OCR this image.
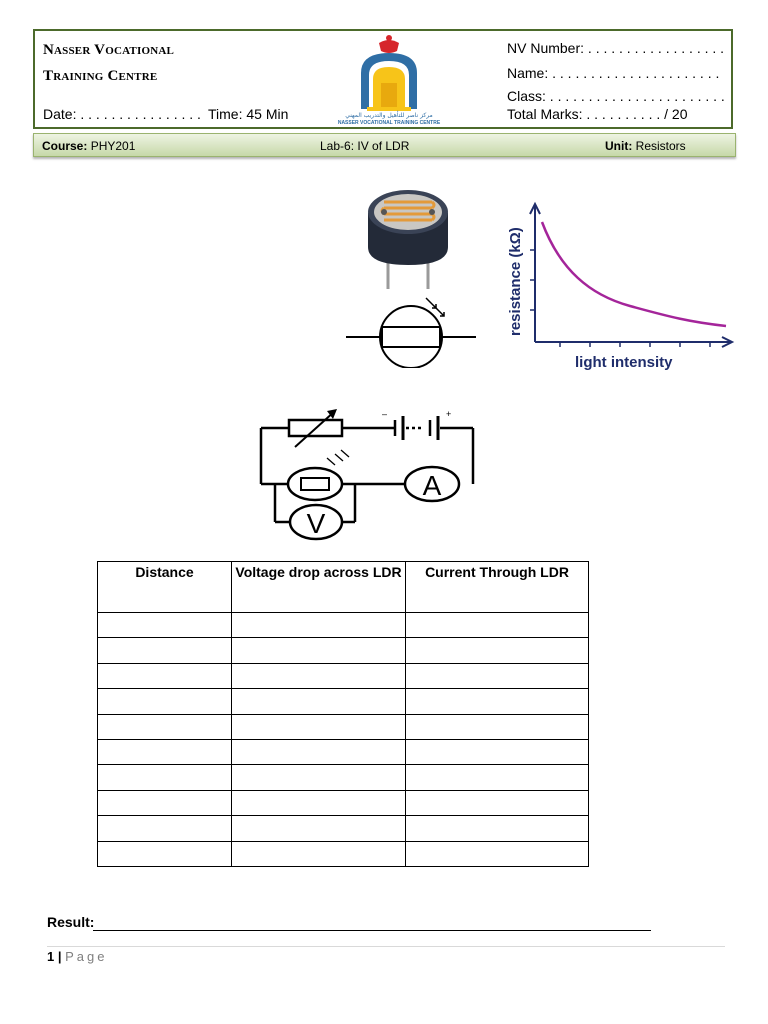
Nasser Vocational
Training Centre
Date: . . . . . . . . . . . . . . . . Time: 45 Min	مركز ناصر للتأهيل والتدريب المهني
NASSER VOCATIONAL TRAINING CENTRE
NV Number: . . . . . . . . . . . . . . . . . .
Name: . . . . . . . . . . . . . . . . . . . . . .
Class: . . . . . . . . . . . . . . . . . . . . . . .
Total Marks: . . . . . . . . . . / 20
Course: PHY201	Lab-6: IV of LDR	Unit: Resistors
resistance (kΩ)
light intensity
–	+
A
V
Distance	Voltage drop across LDR	Current Through LDR

Result:
1 | Page
